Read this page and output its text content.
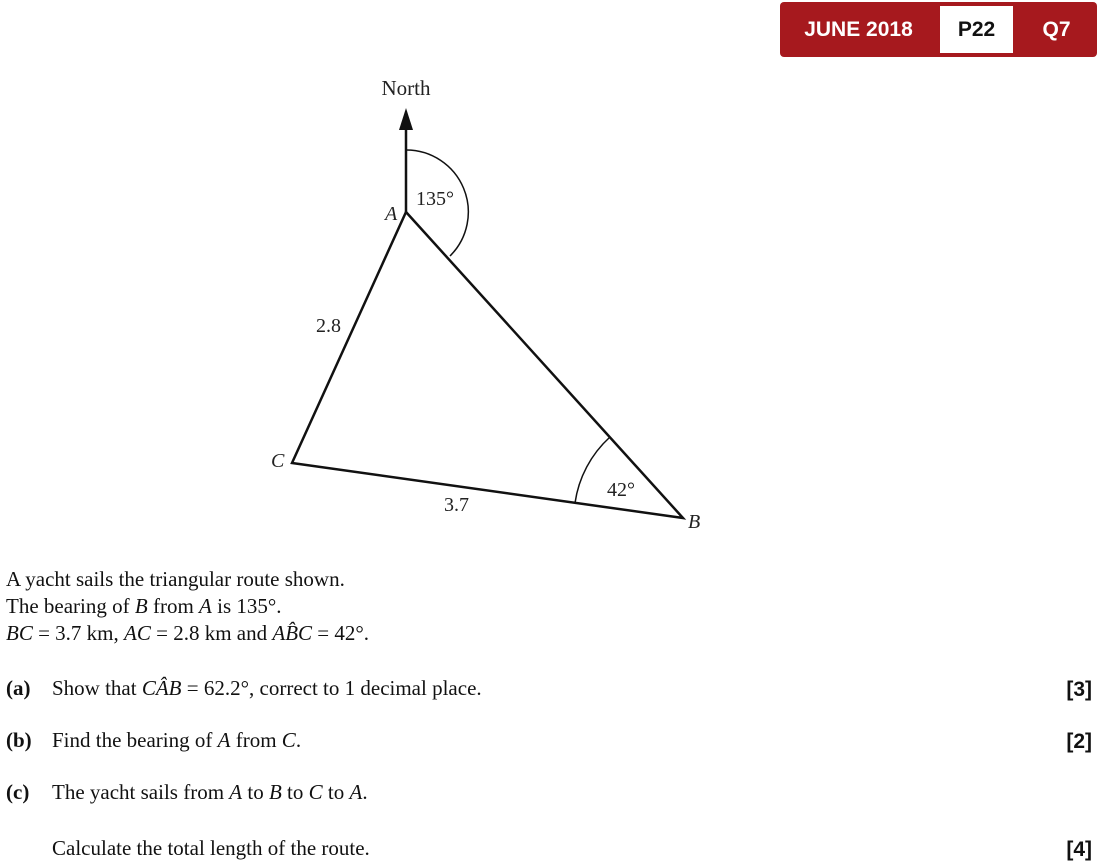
JUNE 2018	P22	Q7
North
135°
A
2.8
C
42°
3.7
B
A yacht sails the triangular route shown.
The bearing of B from A is 135°.
BC = 3.7 km, AC = 2.8 km and AB̂C = 42°.
(a) Show that CÂB = 62.2°, correct to 1 decimal place.	[3]
(b) Find the bearing of A from C.	[2]
(c) The yacht sails from A to B to C to A.
Calculate the total length of the route.	[4]
